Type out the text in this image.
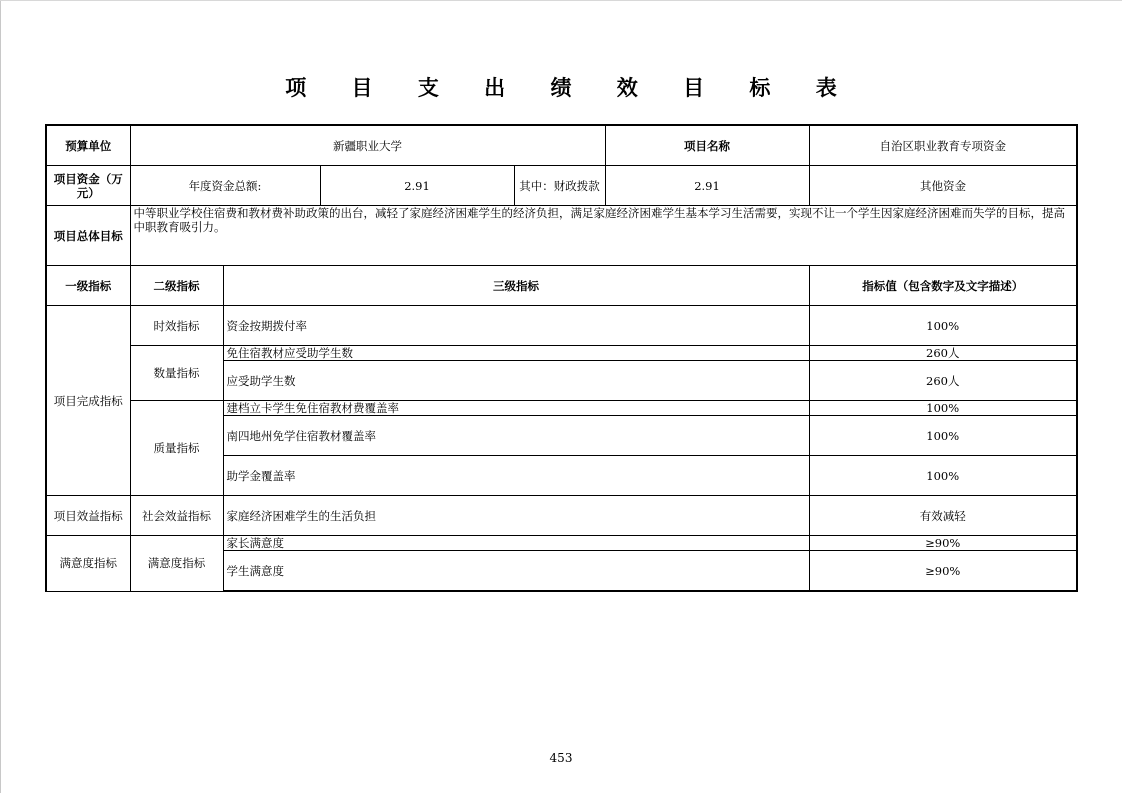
项 目 支 出 绩 效 目 标 表
预算单位	新疆职业大学				项目名称	自治区职业教育专项资金	
项目资金（万元）	年度资金总额:		2.91	其中：财政拨款	2.91	其他资金	
项目总体目标	中等职业学校住宿费和教材费补助政策的出台，减轻了家庭经济困难学生的经济负担，满足家庭经济困难学生基本学习生活需要，实现不让一个学生因家庭经济困难而失学的目标，提高中职教育吸引力。						
一级指标	二级指标	三级指标				指标值（包含数字及文字描述）	
项目完成指标	时效指标	资金按期拨付率				100%	
	数量指标	免住宿教材应受助学生数				260人	
		应受助学生数				260人	
	质量指标	建档立卡学生免住宿教材费覆盖率				100%	
		南四地州免学住宿教材覆盖率				100%	
		助学金覆盖率				100%	
项目效益指标	社会效益指标	家庭经济困难学生的生活负担				有效减轻	
满意度指标	满意度指标	家长满意度				≥90%	
		学生满意度				≥90%	
453
